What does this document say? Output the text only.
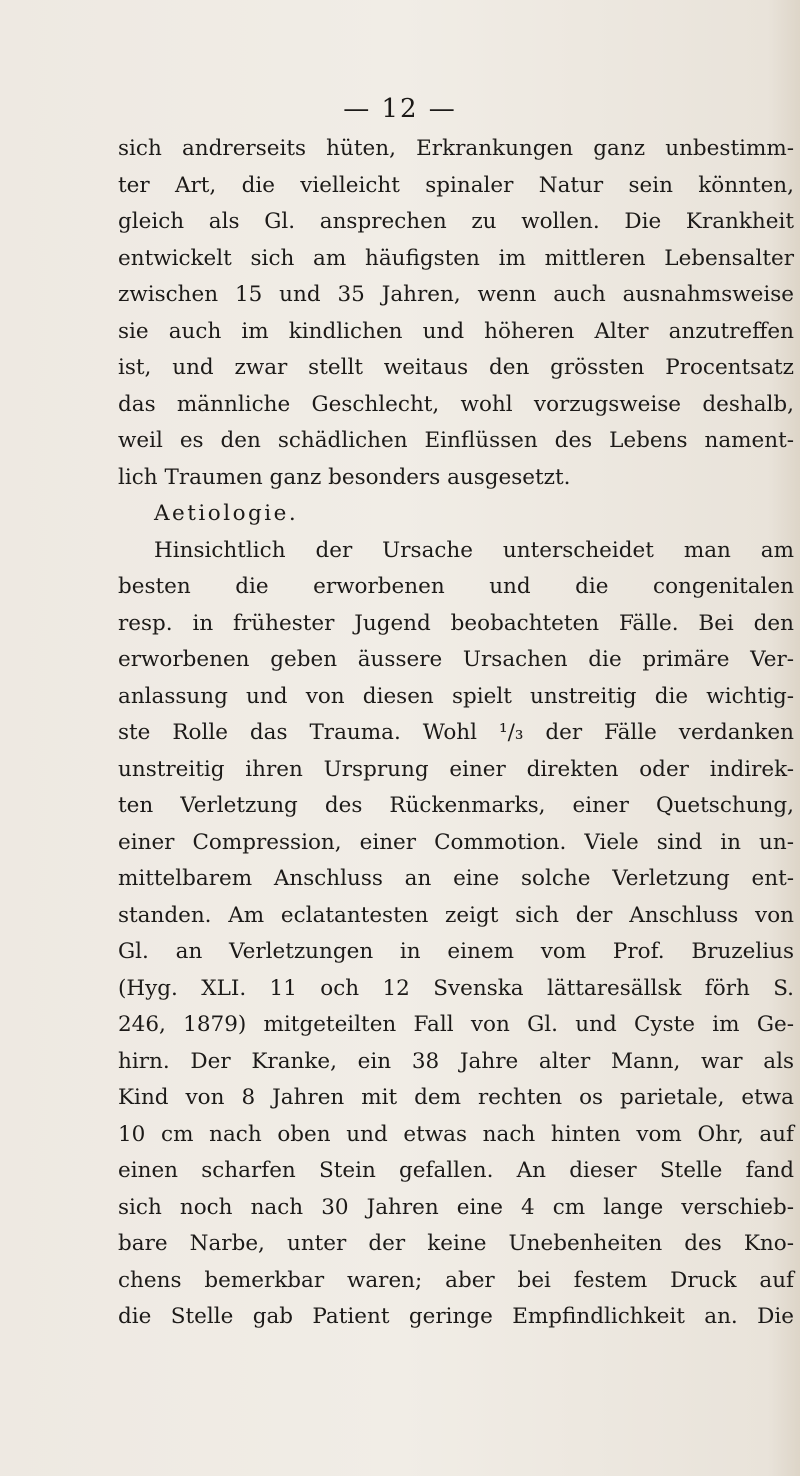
— 12 —
sich andrerseits hüten, Erkrankungen ganz unbestimm-
ter Art, die vielleicht spinaler Natur sein könnten,
gleich als Gl. ansprechen zu wollen. Die Krankheit
entwickelt sich am häufigsten im mittleren Lebensalter
zwischen 15 und 35 Jahren, wenn auch ausnahmsweise
sie auch im kindlichen und höheren Alter anzutreffen
ist, und zwar stellt weitaus den grössten Procentsatz
das männliche Geschlecht, wohl vorzugsweise deshalb,
weil es den schädlichen Einflüssen des Lebens nament-
lich Traumen ganz besonders ausgesetzt.
Aetiologie.
Hinsichtlich der Ursache unterscheidet man am
besten die erworbenen und die congenitalen
resp. in frühester Jugend beobachteten Fälle. Bei den
erworbenen geben äussere Ursachen die primäre Ver-
anlassung und von diesen spielt unstreitig die wichtig-
ste Rolle das Trauma. Wohl ¹/₃ der Fälle verdanken
unstreitig ihren Ursprung einer direkten oder indirek-
ten Verletzung des Rückenmarks, einer Quetschung,
einer Compression, einer Commotion. Viele sind in un-
mittelbarem Anschluss an eine solche Verletzung ent-
standen. Am eclatantesten zeigt sich der Anschluss von
Gl. an Verletzungen in einem vom Prof. Bruzelius
(Hyg. XLI. 11 och 12 Svenska lättaresällsk förh S.
246, 1879) mitgeteilten Fall von Gl. und Cyste im Ge-
hirn. Der Kranke, ein 38 Jahre alter Mann, war als
Kind von 8 Jahren mit dem rechten os parietale, etwa
10 cm nach oben und etwas nach hinten vom Ohr, auf
einen scharfen Stein gefallen. An dieser Stelle fand
sich noch nach 30 Jahren eine 4 cm lange verschieb-
bare Narbe, unter der keine Unebenheiten des Kno-
chens bemerkbar waren; aber bei festem Druck auf
die Stelle gab Patient geringe Empfindlichkeit an. Die
